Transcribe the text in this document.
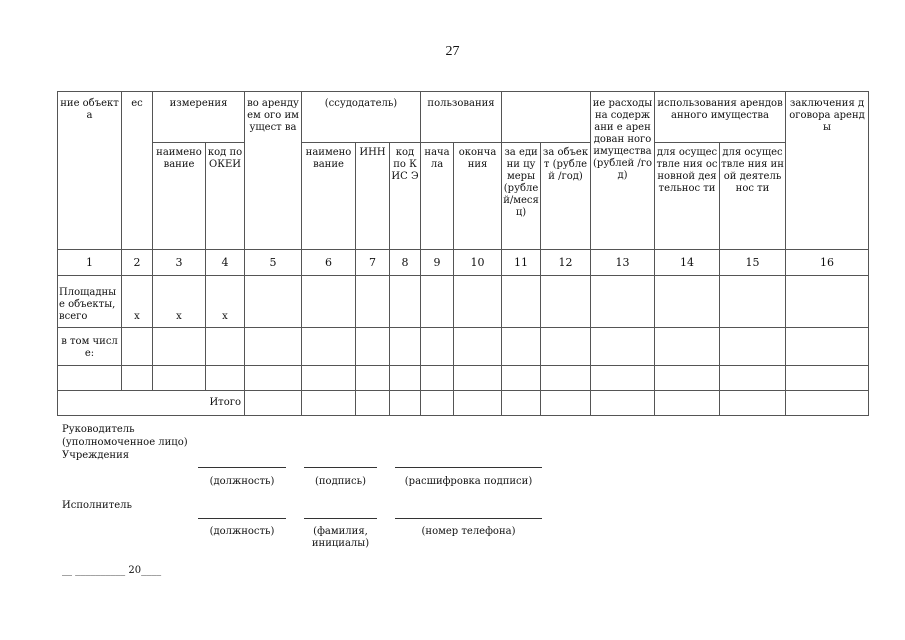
27
ние объекта	ес	измерения		во арендуем ого имущест ва	(ссудодатель)			пользования				ие расходы на содержани е арендован ного имущества (рублей /год)	использования арендованного имущества		заключения договора аренды
		наимено вание	код по ОКЕИ		наимено вание	ИНН	код по КИС Э	нача ла	оконча ния	за едини цу меры (рубле й/меся ц)	за объект (рублей /год)		для осуществле ния основной деятельнос ти	для осуществле ния иной деятельнос ти	
1	2	3	4	5	6	7	8	9	10	11	12	13	14	15	16
Площадны е объекты, всего	х	х	х												
в том числе:															

Итого															
Руководитель
(уполномоченное лицо)
Учреждения
(должность)	(подпись)	(расшифровка подписи)
Исполнитель
(должность)	(фамилия, инициалы)
(номер телефона)
__ __________ 20____
